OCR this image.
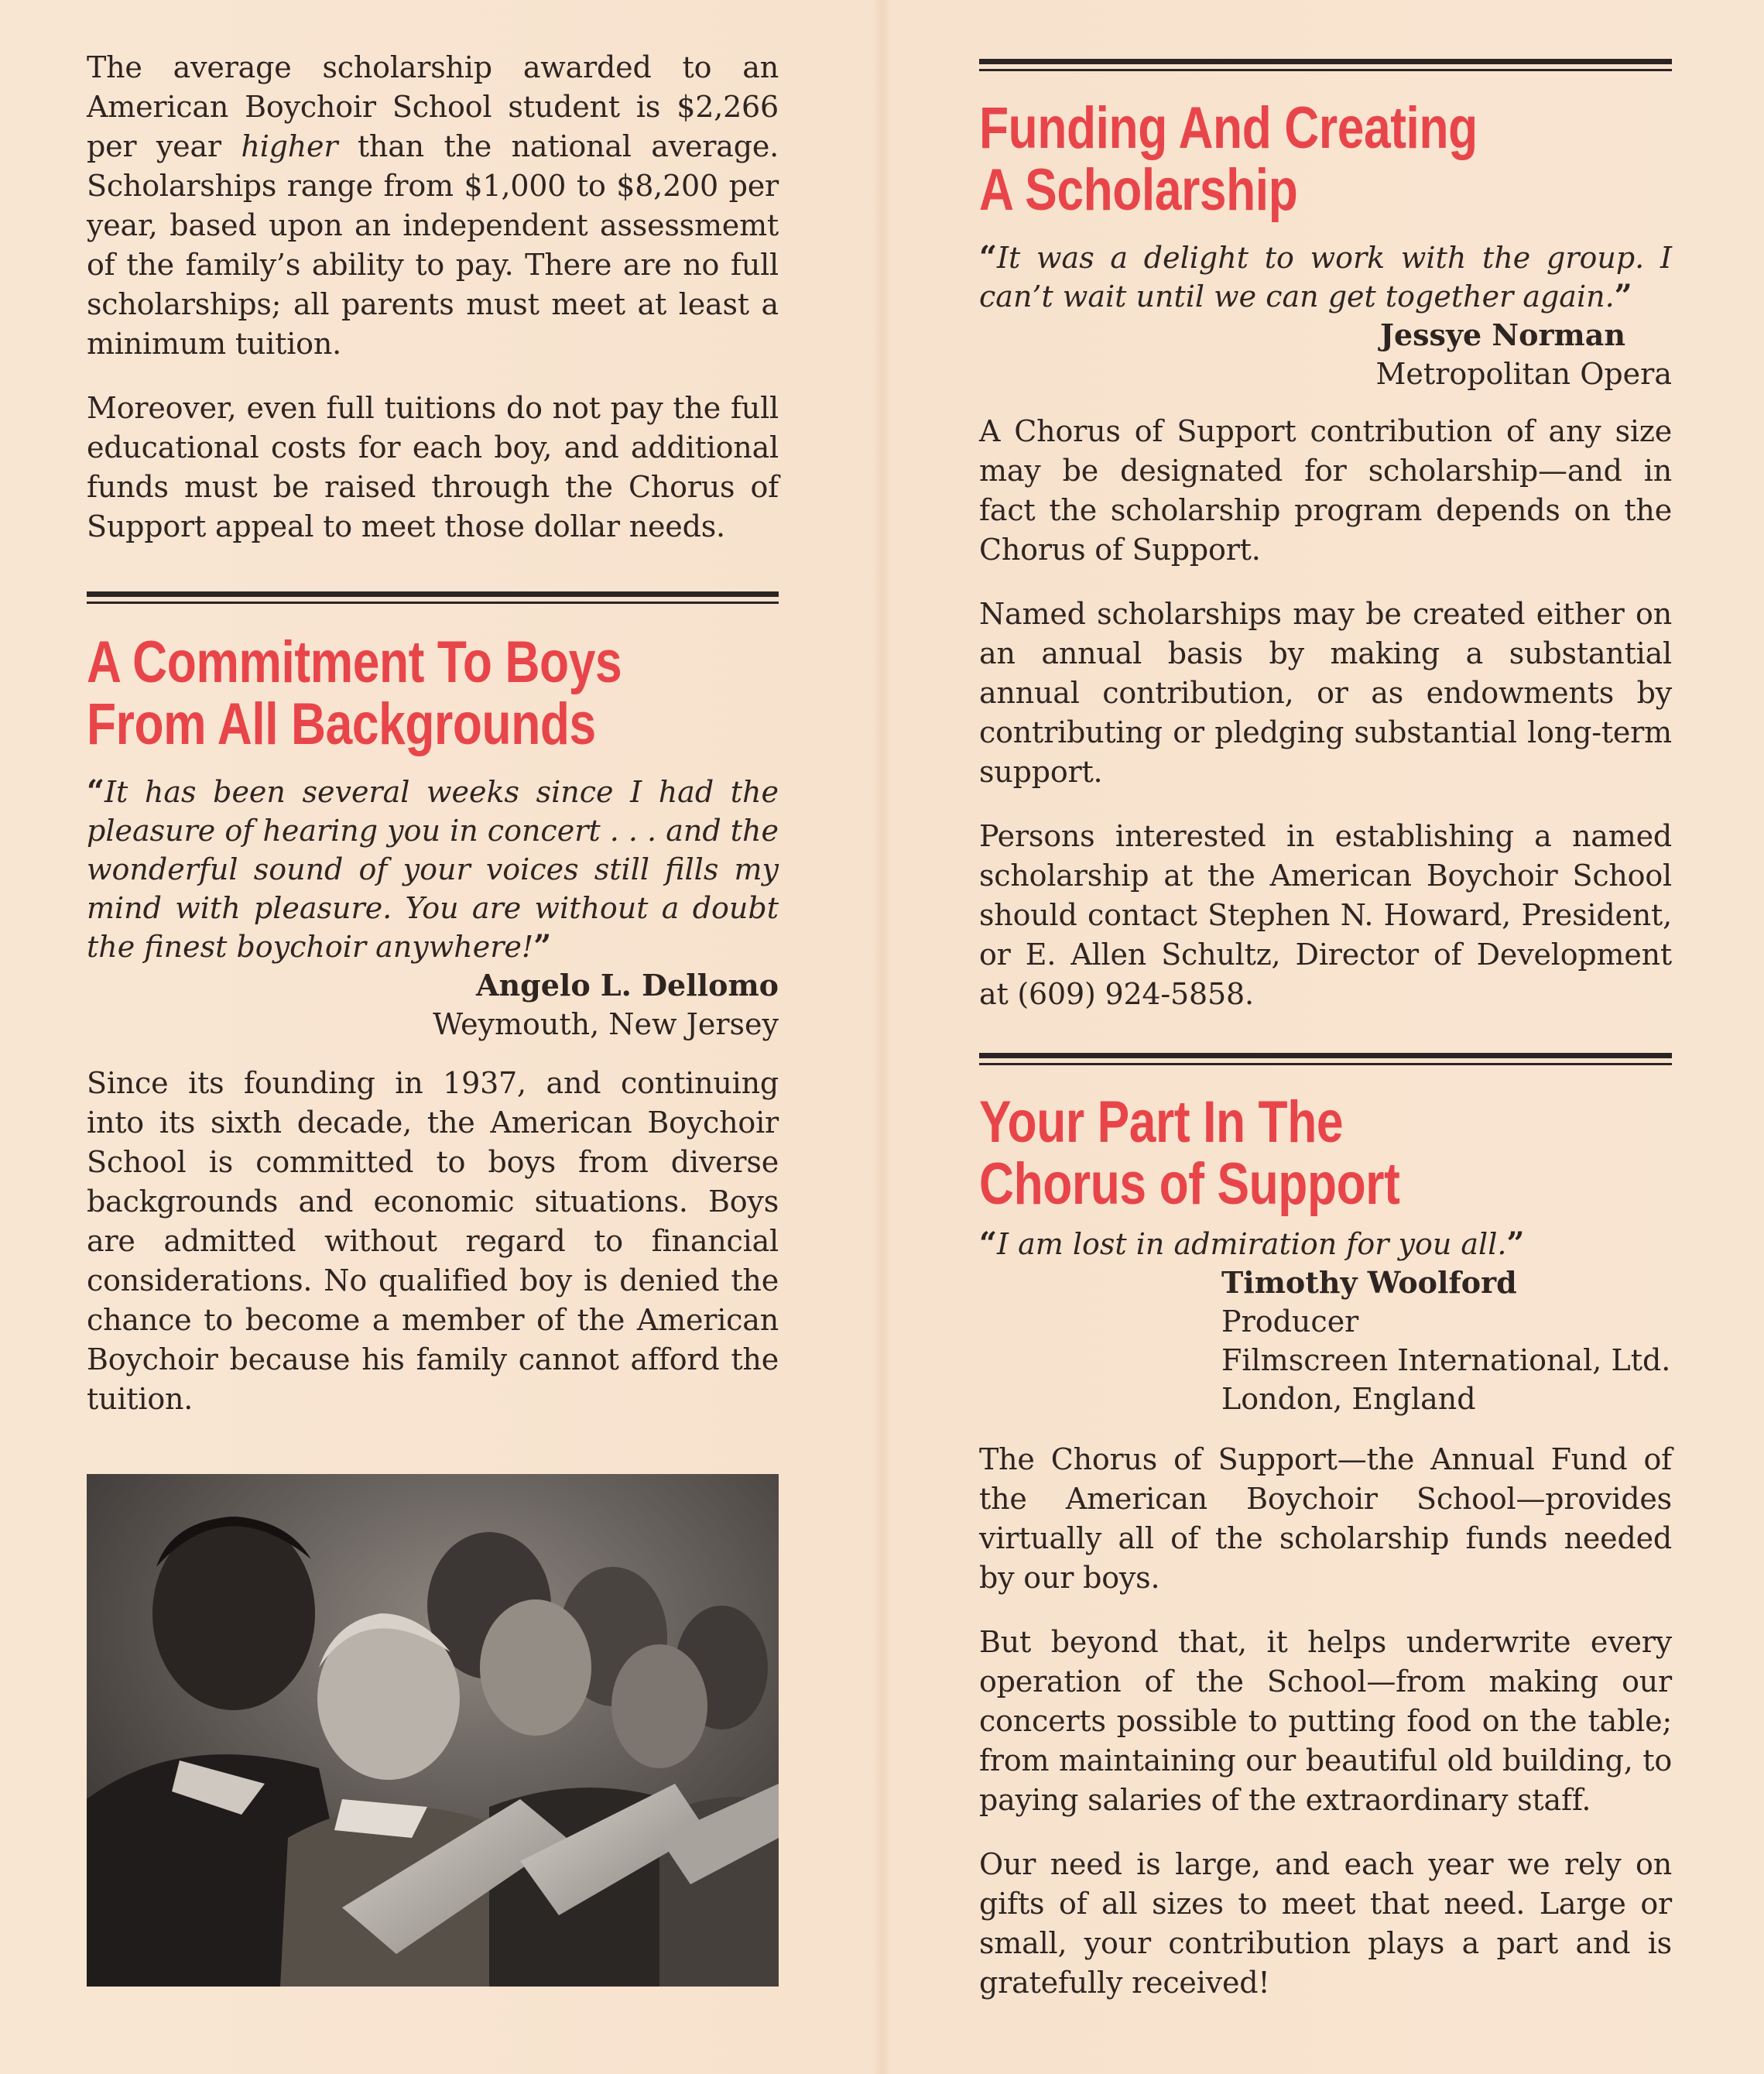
The average scholarship awarded to an American Boychoir School student is $2,266 per year higher than the national average. Scholarships range from $1,000 to $8,200 per year, based upon an independent assessmemt of the family’s ability to pay. There are no full scholarships; all parents must meet at least a minimum tuition.

Moreover, even full tuitions do not pay the full educational costs for each boy, and additional funds must be raised through the Chorus of Support appeal to meet those dollar needs.

A Commitment To Boys
From All Backgrounds

“It has been several weeks since I had the pleasure of hearing you in concert . . . and the wonderful sound of your voices still fills my mind with pleasure. You are without a doubt the finest boychoir anywhere!”

Angelo L. Dellomo
Weymouth, New Jersey

Since its founding in 1937, and continuing into its sixth decade, the American Boychoir School is committed to boys from diverse backgrounds and economic situations. Boys are admitted without regard to financial considerations. No qualified boy is denied the chance to become a member of the American Boychoir because his family cannot afford the tuition.

Funding And Creating
A Scholarship

“It was a delight to work with the group. I can’t wait until we can get together again.”

Jessye Norman
Metropolitan Opera

A Chorus of Support contribution of any size may be designated for scholarship—and in fact the scholarship program depends on the Chorus of Support.

Named scholarships may be created either on an annual basis by making a substantial annual contribution, or as endowments by contributing or pledging substantial long-term support.

Persons interested in establishing a named scholarship at the American Boychoir School should contact Stephen N. Howard, President, or E. Allen Schultz, Director of Development at (609) 924-5858.

Your Part In The
Chorus of Support

“I am lost in admiration for you all.”

Timothy Woolford
Producer
Filmscreen International, Ltd.
London, England

The Chorus of Support—the Annual Fund of the American Boychoir School—provides virtually all of the scholarship funds needed by our boys.

But beyond that, it helps underwrite every operation of the School—from making our concerts possible to putting food on the table; from maintaining our beautiful old building, to paying salaries of the extraordinary staff.

Our need is large, and each year we rely on gifts of all sizes to meet that need. Large or small, your contribution plays a part and is gratefully received!
